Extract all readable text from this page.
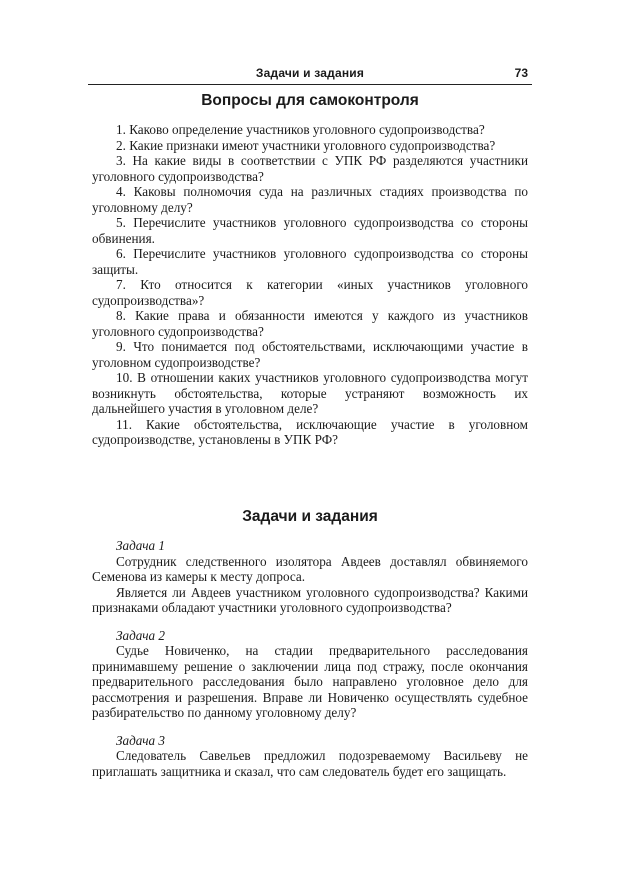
Задачи и задания	73
Вопросы для самоконтроля

1. Каково определение участников уголовного судопроизводства?

2. Какие признаки имеют участники уголовного судопроизводства?

3. На какие виды в соответствии с УПК РФ разделяются участники уголовного судопроизводства?

4. Каковы полномочия суда на различных стадиях производства по уголовному делу?

5. Перечислите участников уголовного судопроизводства со стороны обвинения.

6. Перечислите участников уголовного судопроизводства со стороны защиты.

7. Кто относится к категории «иных участников уголовного судопроизводства»?

8. Какие права и обязанности имеются у каждого из участников уголовного судопроизводства?

9. Что понимается под обстоятельствами, исключающими участие в уголовном судопроизводстве?

10. В отношении каких участников уголовного судопроизводства могут возникнуть обстоятельства, которые устраняют возможность их дальнейшего участия в уголовном деле?

11. Какие обстоятельства, исключающие участие в уголовном судопроизводстве, установлены в УПК РФ?

Задачи и задания

Задача 1

Сотрудник следственного изолятора Авдеев доставлял обвиняемого Семенова из камеры к месту допроса.

Является ли Авдеев участником уголовного судопроизводства? Какими признаками обладают участники уголовного судопроизводства?

Задача 2

Судье Новиченко, на стадии предварительного расследования принимавшему решение о заключении лица под стражу, после окончания предварительного расследования было направлено уголовное дело для рассмотрения и разрешения. Вправе ли Новиченко осуществлять судебное разбирательство по данному уголовному делу?

Задача 3

Следователь Савельев предложил подозреваемому Васильеву не приглашать защитника и сказал, что сам следователь будет его защищать.
